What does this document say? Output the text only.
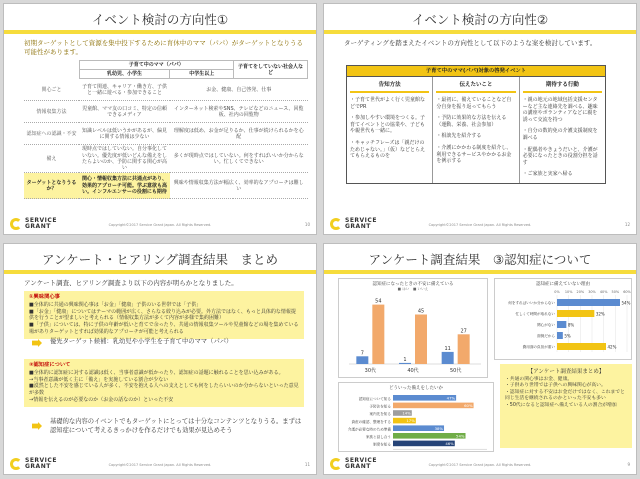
イベント検討の方向性①
初期ターゲットとして資源を集中投下するために育休中のママ（パパ）がターゲットとなりうる可能性があります。
	子育て中のママ（パパ）		子育てをしていない社会人など
	乳幼児、小学生	中学生以上	
関心ごと	子育て関連、キャリア・働き方、子供と一緒に遊べる・参加できること	お金、健康、自己啓発、仕事	
情報収集方法	児童館、ママ友の口コミ、特定の信頼できるメディア	インターネット検索やSNS、テレビなどのニュース、回覧板、社内の回覧物	
認知症への認識・不安	知識レベルは低いうかがあるが、偏見に関する情報は少ない	理解度は低め、お金が足りるか、仕事が続けられるかを心配	
備え	現時点ではしていない。自分事化していない。優先度が低いどんな備えをしたらよいのか、予防に関する関心が高い	多くが現時点ではしていない。何をすればいいか分からない。忙しくてできない	
ターゲットとなりうるか？	関心・情報収集方法に共通点があり、効果的アプローチ可能。学ぶ意欲も高い。インフルエンサーの役割にも期待	興味や情報収集方法が幅広く、効率的なアプローチは難しい	
SERVICE
GRANT	Copyright©2017 Service Grant Japan. All Rights Reserved.	10
イベント検討の方向性②
ターゲティングを踏まえたイベントの方向性として以下のような案を検討しています。
子育て中のママ(パパ)対象の啓発イベント
告知方法

・子育て世代がよく行く児童館などでPR

・参加しやすい環境をつくる。子育てイベントとの協業や、子どもや親世代も一緒に。

・キャッチフレーズは「親だけのためじゃない。」（仮）などとらえてもらえるものを

伝えたいこと

・最初に、備えていることなど自分自身を振り返ってもらう

・予防に効果的な方法を伝える（運動、栄養、社会参加）

・相談先を紹介する

・介護にかかわる制度を紹介し、利用できるサービスやかかるお金を例示する

期待する行動

・親の地元の地域包括支援センターなど主な連絡先を調べる、趣味の講座やボランティアなどに親を誘って交流を持つ

・自分の数的免の介護支援制度を調べる

・配偶者やきょうだいと、介護が必要になったときの役割分担を話す

・ご家族と実家へ帰る

SERVICE
GRANT	Copyright©2017 Service Grant Japan. All Rights Reserved.	12
アンケート・ヒアリング調査結果　まとめ
アンケート調査、ヒアリング調査より以下の内容が明らかとなりました。
①興味関心事
■全体的に共通の興味関心事は「お金」「健康」子供のいる世帯では「子供」
■「お金」「健康」についてはテーマの範囲が広く、さらなる絞り込みが必要。外方法ではなく、もっと具体的な情報提供を行うことが望ましいと考えられる（情報収集方法が多くて内容が多様で集約困難）
■「子供」については、特に子供の年齢が低いと育てで余ったり、共通の情報収集ツールや児童館などの場を集めている場がありターゲットとすれば効果的なアプローチが可能と考えられる
優先ターゲット候補：乳幼児や小学生を子育て中のママ（パパ）
②認知症について
■全体的に認知症に対する認識は低く、当事者意識が低かったり、認知症の話題に触れることを思い込みがある。
→当事者意識が低く主に「備え」を実施している割合が少ない
■漠然とした不安を感じている人が多く、不安を抱える人への支えとしても何をしたらいいのか分からないといった意見が多数
→情報を伝えるのが必要なのか（お金の話なのか）といった不安
基礎的な内容のイベントでもターゲットにとっては十分なコンテンツとなりうる。まずは認知症について考えるきっかけを作るだけでも効果が見込めそう
SERVICE
GRANT	Copyright©2017 Service Grant Japan. All Rights Reserved.	11
アンケート調査結果　③認知症について
認知症になったときの不安に備えている
■ はい　■ いいえ
7
54
30代
1
45
40代
11
27
50代
認知症に備えていない理由
0% 10% 20% 30% 40% 50% 60%
何をすればいいか分からない	54%
忙しくて時間が取れない	32%
関心がない	8%
面倒だから 5%
費用面の負担が重い	42%
どういった備えをしたいか
認知症について知る	47%
予防法を知る	60%
案内先を知る	14%
資産の確認、整理をする	17%
介護が必要な時のため準備	38%
家族と話し合う	54%
制度を知る	46%
【アンケート調査結果まとめ】

・共通の関心事はお金、健康。

・子供あり世帯では子供への興味関心が高い。

・認知症に対する不安はお金だけではなく、これまでと同じ生活を継続されるのかといった不安も多い

・50代になると認知症へ備えている人の割合が増加

SERVICE
GRANT	Copyright©2017 Service Grant Japan. All Rights Reserved.	9
